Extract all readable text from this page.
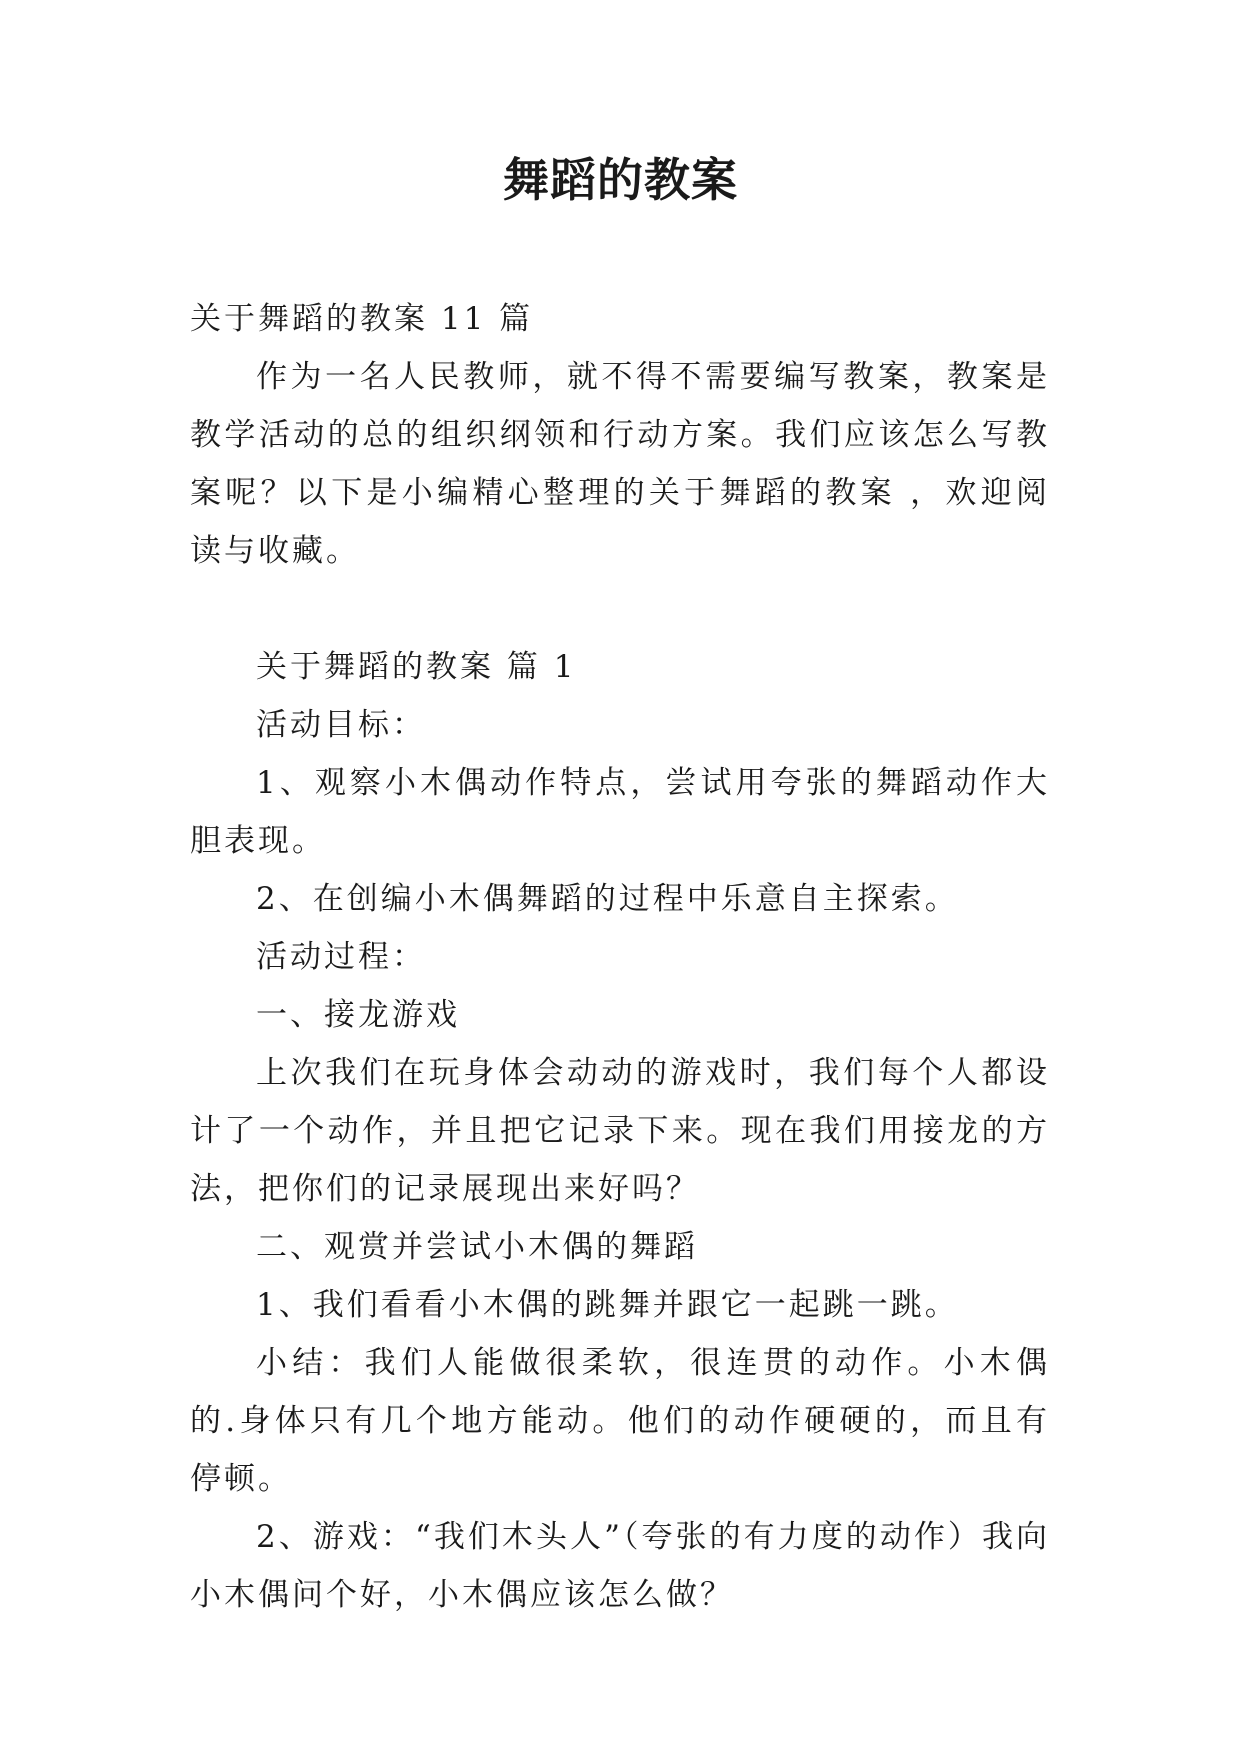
舞蹈的教案

关于舞蹈的教案 11 篇

作为一名人民教师，就不得不需要编写教案，教案是教学活动的总的组织纲领和行动方案。我们应该怎么写教案呢？以下是小编精心整理的关于舞蹈的教案 ，欢迎阅读与收藏。

关于舞蹈的教案 篇 1

活动目标：

1、观察小木偶动作特点，尝试用夸张的舞蹈动作大胆表现。

2、在创编小木偶舞蹈的过程中乐意自主探索。

活动过程：

一、接龙游戏

上次我们在玩身体会动动的游戏时，我们每个人都设计了一个动作，并且把它记录下来。现在我们用接龙的方法，把你们的记录展现出来好吗？

二、观赏并尝试小木偶的舞蹈

1、我们看看小木偶的跳舞并跟它一起跳一跳。

小结：我们人能做很柔软，很连贯的动作。小木偶的.身体只有几个地方能动。他们的动作硬硬的，而且有停顿。

2、游戏：“我们木头人”（夸张的有力度的动作）我向小木偶问个好，小木偶应该怎么做？
